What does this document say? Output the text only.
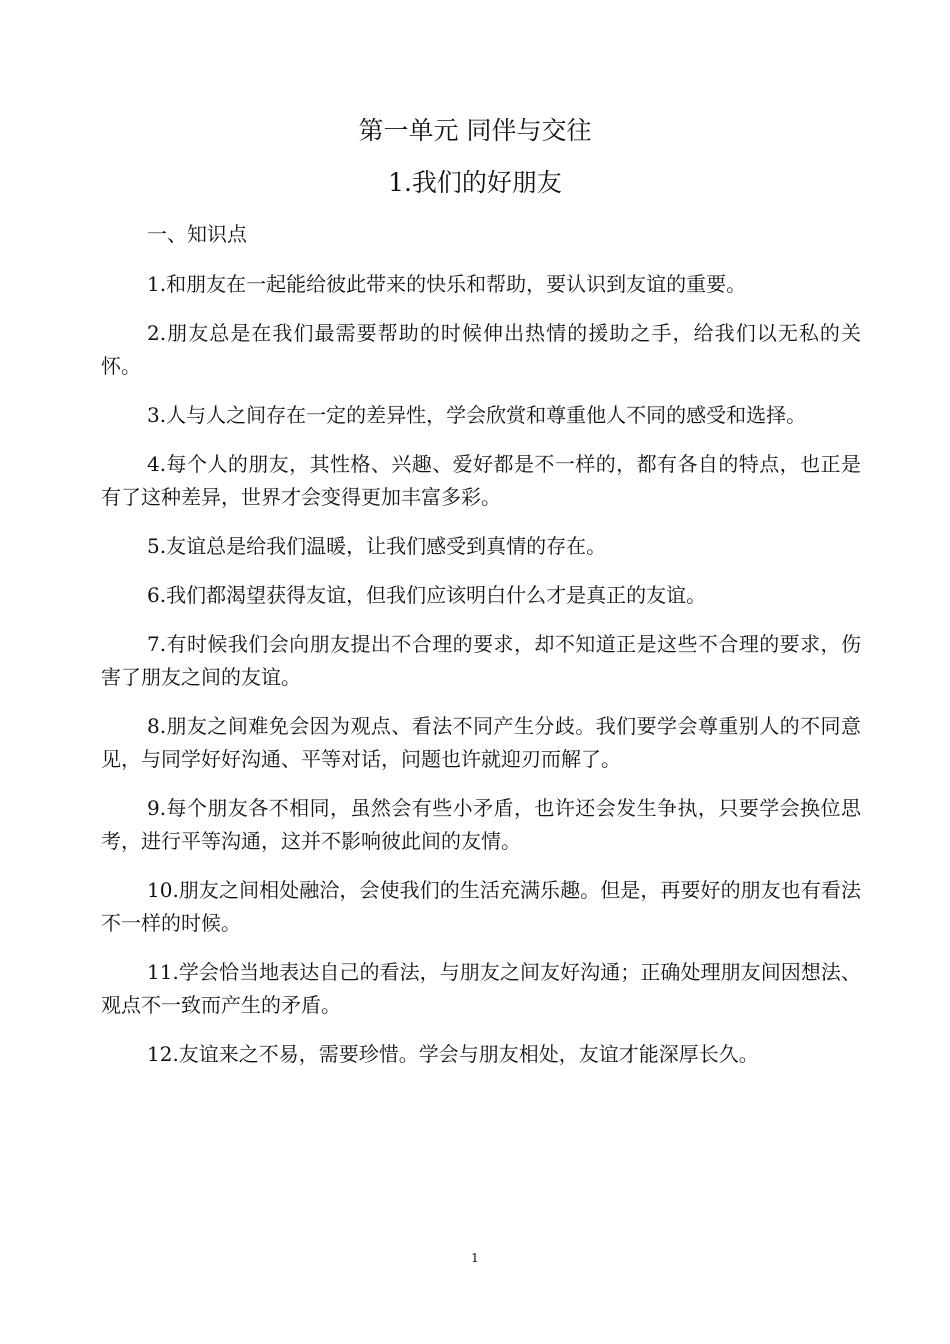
第一单元 同伴与交往
1.我们的好朋友

一、知识点

1.和朋友在一起能给彼此带来的快乐和帮助，要认识到友谊的重要。

2.朋友总是在我们最需要帮助的时候伸出热情的援助之手，给我们以无私的关怀。

3.人与人之间存在一定的差异性，学会欣赏和尊重他人不同的感受和选择。

4.每个人的朋友，其性格、兴趣、爱好都是不一样的，都有各自的特点，也正是有了这种差异，世界才会变得更加丰富多彩。

5.友谊总是给我们温暖，让我们感受到真情的存在。

6.我们都渴望获得友谊，但我们应该明白什么才是真正的友谊。

7.有时候我们会向朋友提出不合理的要求，却不知道正是这些不合理的要求，伤害了朋友之间的友谊。

8.朋友之间难免会因为观点、看法不同产生分歧。我们要学会尊重别人的不同意见，与同学好好沟通、平等对话，问题也许就迎刃而解了。

9.每个朋友各不相同，虽然会有些小矛盾，也许还会发生争执，只要学会换位思考，进行平等沟通，这并不影响彼此间的友情。

10.朋友之间相处融洽，会使我们的生活充满乐趣。但是，再要好的朋友也有看法不一样的时候。

11.学会恰当地表达自己的看法，与朋友之间友好沟通；正确处理朋友间因想法、观点不一致而产生的矛盾。

12.友谊来之不易，需要珍惜。学会与朋友相处，友谊才能深厚长久。

1
